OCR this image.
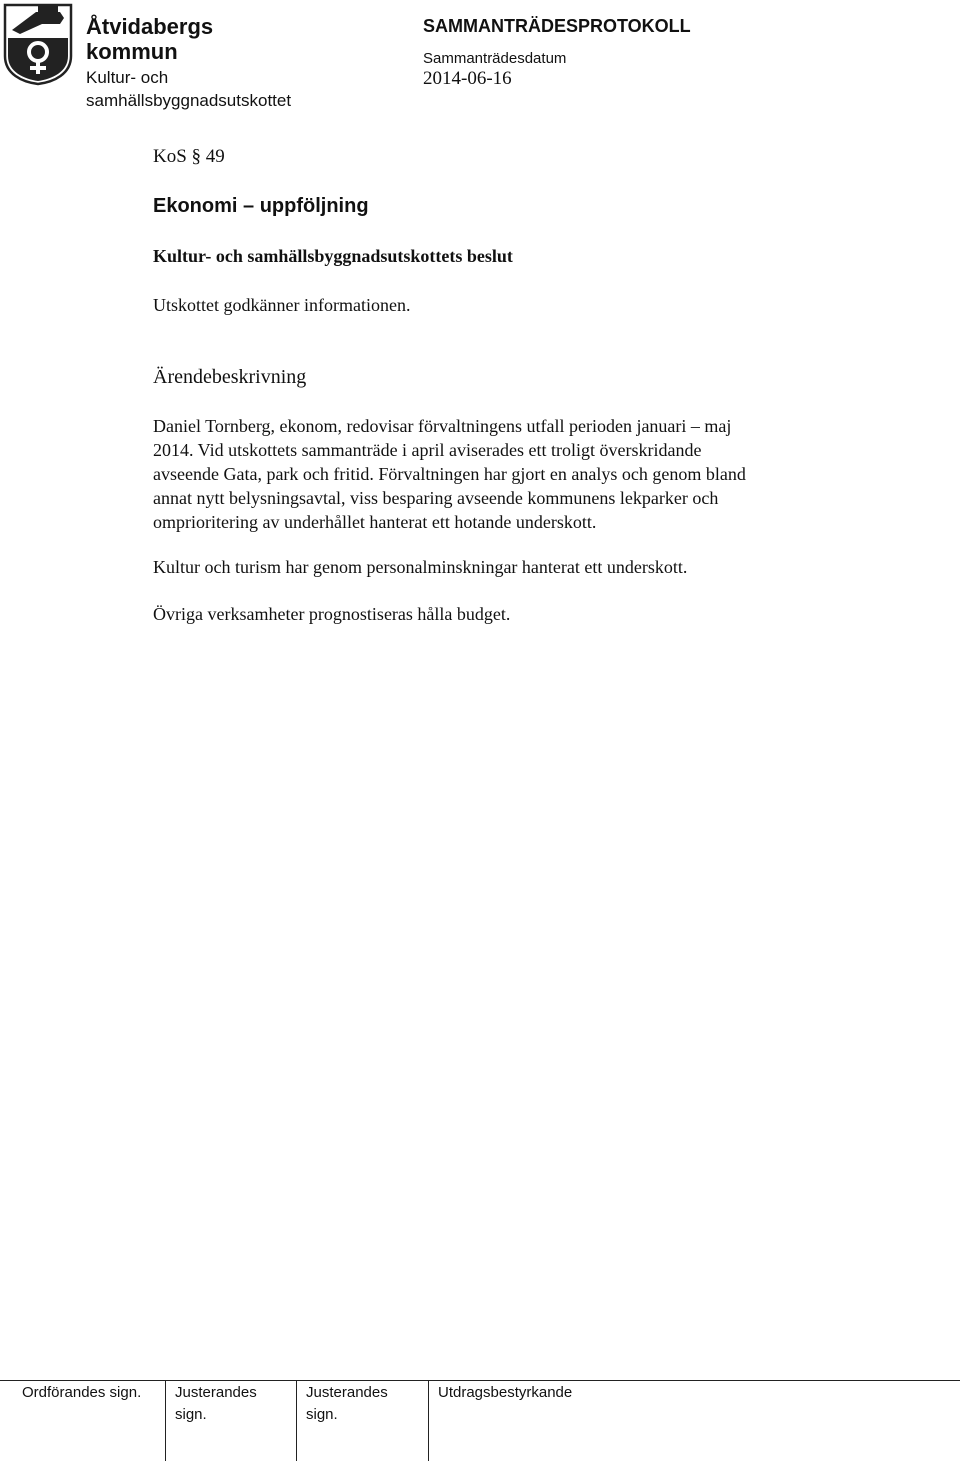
Åtvidabergs
kommun
Kultur- och
samhällsbyggnadsutskottet
SAMMANTRÄDESPROTOKOLL
Sammanträdesdatum
2014-06-16
KoS § 49
Ekonomi – uppföljning
Kultur- och samhällsbyggnadsutskottets beslut
Utskottet godkänner informationen.
Ärendebeskrivning

Daniel Tornberg, ekonom, redovisar förvaltningens utfall perioden januari – maj

2014. Vid utskottets sammanträde i april aviserades ett troligt överskridande

avseende Gata, park och fritid. Förvaltningen har gjort en analys och genom bland

annat nytt belysningsavtal, viss besparing avseende kommunens lekparker och

omprioritering av underhållet hanterat ett hotande underskott.

Kultur och turism har genom personalminskningar hanterat ett underskott.
Övriga verksamheter prognostiseras hålla budget.
Ordförandes sign.	Justerandes
sign.
Justerandes
sign.
Utdragsbestyrkande
